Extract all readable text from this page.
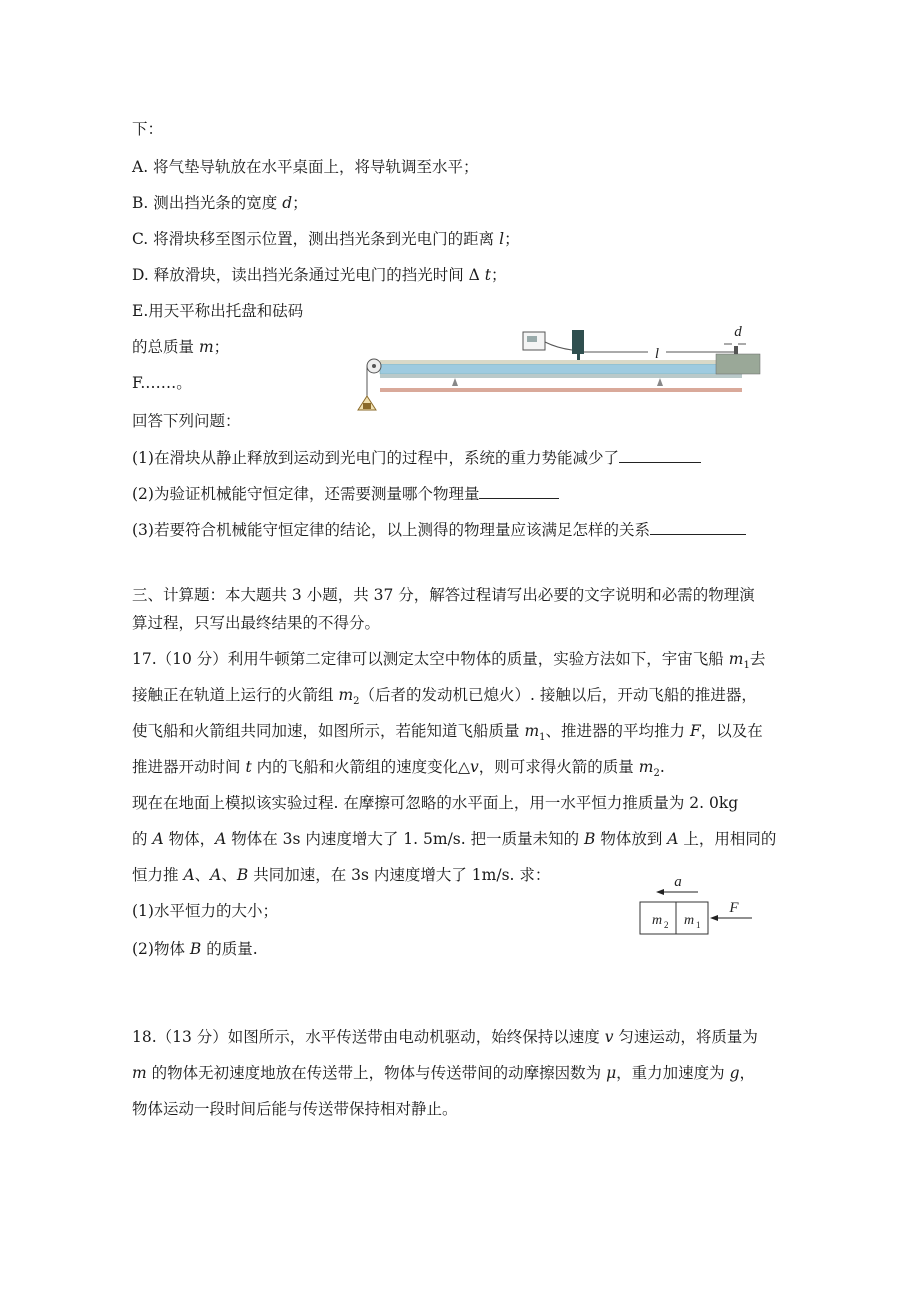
下：
A. 将气垫导轨放在水平桌面上，将导轨调至水平；
B. 测出挡光条的宽度 d；
C. 将滑块移至图示位置，测出挡光条到光电门的距离 l；
D. 释放滑块，读出挡光条通过光电门的挡光时间 Δ t；
E.用天平称出托盘和砝码
的总质量 m；
F.……。
回答下列问题：
(1)在滑块从静止释放到运动到光电门的过程中，系统的重力势能减少了
(2)为验证机械能守恒定律，还需要测量哪个物理量
(3)若要符合机械能守恒定律的结论，以上测得的物理量应该满足怎样的关系
l
d
三、计算题：本大题共 3 小题，共 37 分，解答过程请写出必要的文字说明和必需的物理演
算过程，只写出最终结果的不得分。
17.（10 分）利用牛顿第二定律可以测定太空中物体的质量，实验方法如下，宇宙飞船 $m_1$去
接触正在轨道上运行的火箭组 $m_2$（后者的发动机已熄火）. 接触以后，开动飞船的推进器，
使飞船和火箭组共同加速，如图所示，若能知道飞船质量 $m_1$、推进器的平均推力 F，以及在
推进器开动时间 t 内的飞船和火箭组的速度变化△v，则可求得火箭的质量 $m_2$.
现在在地面上模拟该实验过程. 在摩擦可忽略的水平面上，用一水平恒力推质量为 2. 0kg
的 A 物体，A 物体在 3s 内速度增大了 1. 5m/s. 把一质量未知的 B 物体放到 A 上，用相同的
恒力推 A、A、B 共同加速，在 3s 内速度增大了 1m/s. 求：
(1)水平恒力的大小；
(2)物体 B 的质量.
a
m 2 m 1
F
18.（13 分）如图所示，水平传送带由电动机驱动，始终保持以速度 v 匀速运动，将质量为
m 的物体无初速度地放在传送带上，物体与传送带间的动摩擦因数为 μ，重力加速度为 g，
物体运动一段时间后能与传送带保持相对静止。
